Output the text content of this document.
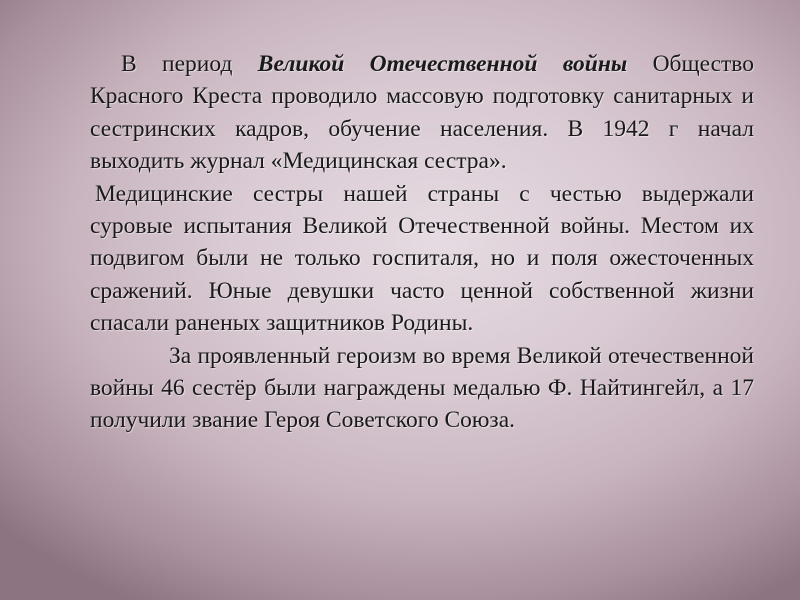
В период Великой Отечественной войны Общество Красного Креста проводило массовую подготовку санитарных и сестринских кадров, обучение населения. В 1942 г начал выходить журнал «Медицинская сестра».

Медицинские сестры нашей страны с честью выдержали суровые испытания Великой Отечественной войны. Местом их подвигом были не только госпиталя, но и поля ожесточенных сражений. Юные девушки часто ценной собственной жизни спасали раненых защитников Родины.

За проявленный героизм во время Великой отечественной войны 46 сестёр были награждены медалью Ф. Найтингейл, а 17 получили звание Героя Советского Союза.
